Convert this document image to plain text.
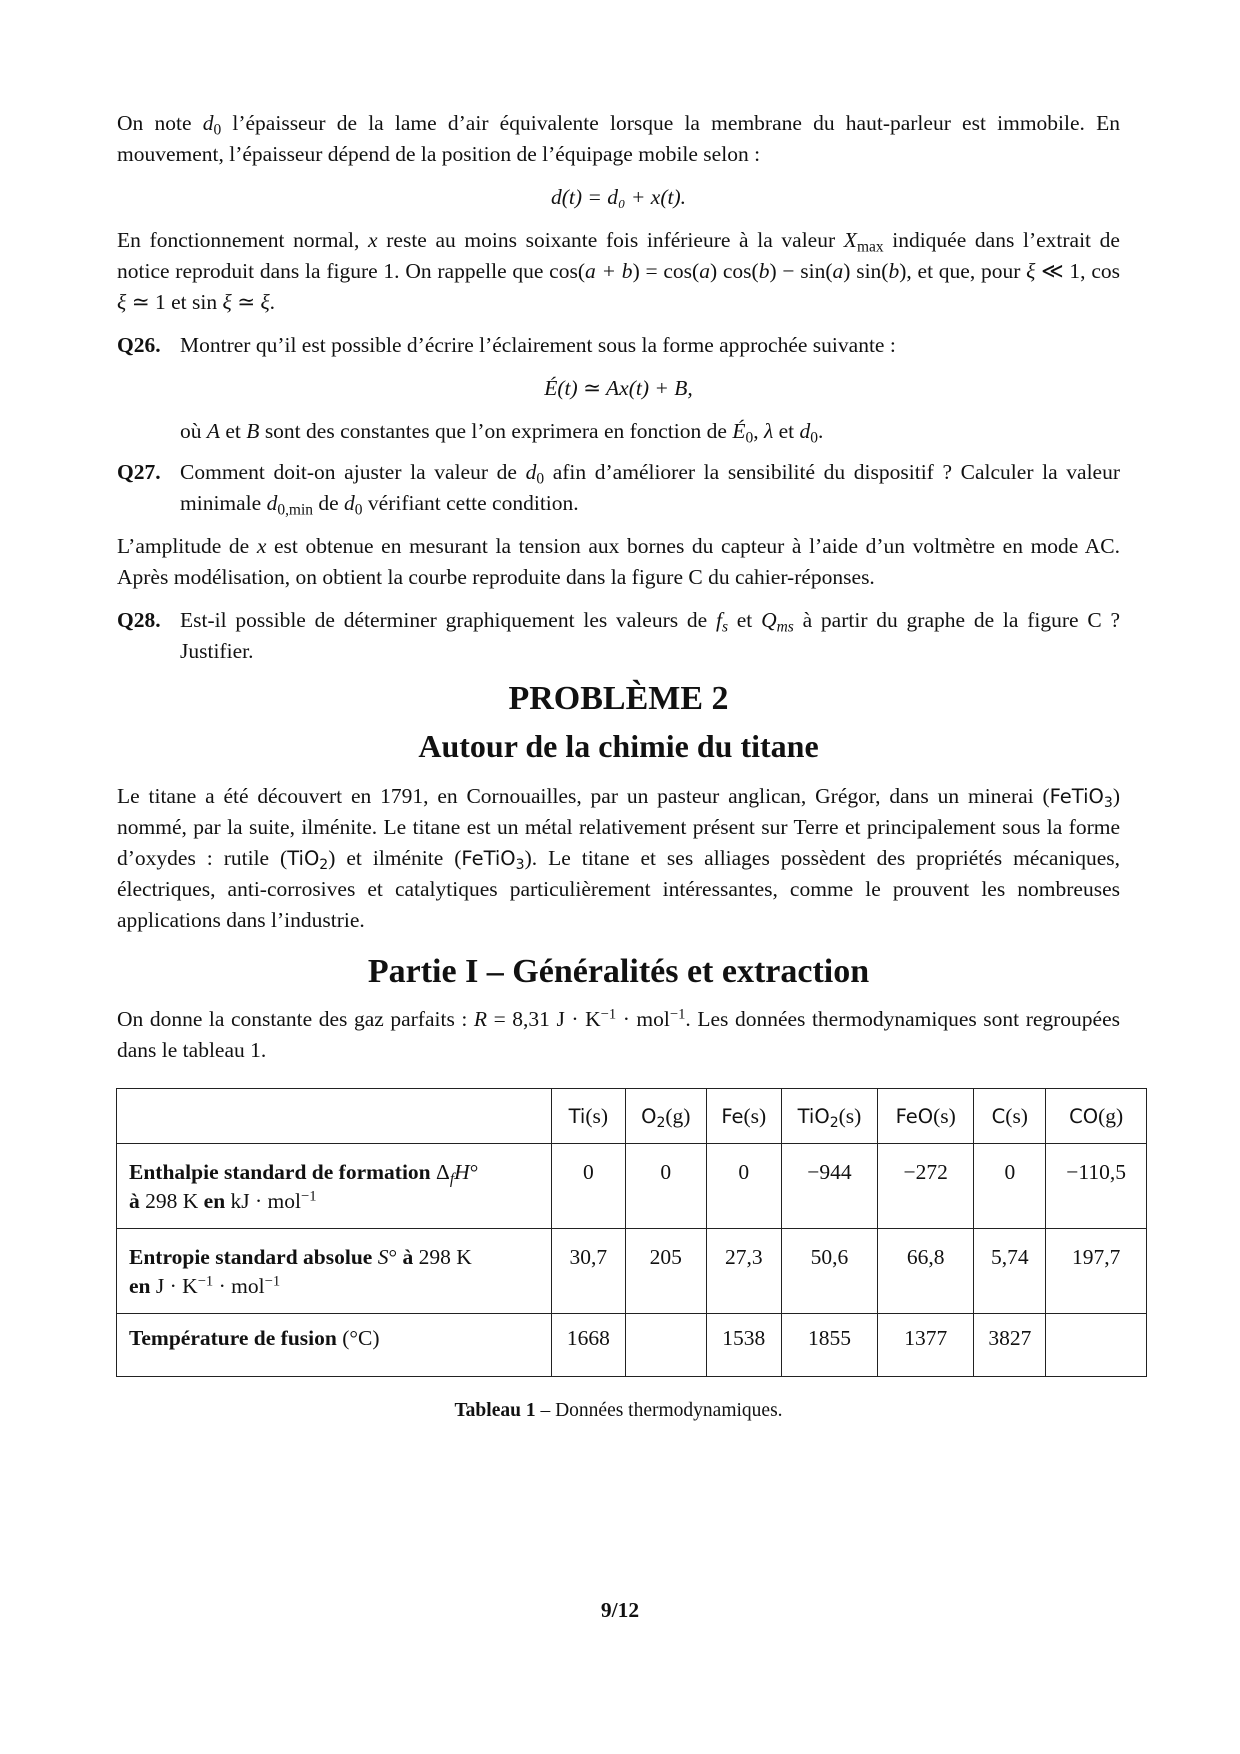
On note $d_0$ l’épaisseur de la lame d’air équivalente lorsque la membrane du haut-parleur est immobile. En mouvement, l’épaisseur dépend de la position de l’équipage mobile selon :

d(t) = d₀ + x(t).

En fonctionnement normal, x reste au moins soixante fois inférieure à la valeur $X_{max}$ indiquée dans l’extrait de notice reproduit dans la figure 1. On rappelle que cos(a + b) = cos(a) cos(b) − sin(a) sin(b), et que, pour ξ ≪ 1, cos ξ ≃ 1 et sin ξ ≃ ξ.

Q26. Montrer qu’il est possible d’écrire l’éclairement sous la forme approchée suivante :

É(t) ≃ Ax(t) + B,

où A et B sont des constantes que l’on exprimera en fonction de $É_0$, λ et $d_0$.

Q27. Comment doit-on ajuster la valeur de $d_0$ afin d’améliorer la sensibilité du dispositif ? Calculer la valeur minimale $d_{0,min}$ de $d_0$ vérifiant cette condition.

L’amplitude de x est obtenue en mesurant la tension aux bornes du capteur à l’aide d’un voltmètre en mode AC. Après modélisation, on obtient la courbe reproduite dans la figure C du cahier-réponses.

Q28. Est-il possible de déterminer graphiquement les valeurs de $f_s$ et $Q_{ms}$ à partir du graphe de la figure C ? Justifier.
PROBLÈME 2
Autour de la chimie du titane

Le titane a été découvert en 1791, en Cornouailles, par un pasteur anglican, Grégor, dans un minerai (FeTiO$_3$) nommé, par la suite, ilménite. Le titane est un métal relativement présent sur Terre et principalement sous la forme d’oxydes : rutile (TiO$_2$) et ilménite (FeTiO$_3$). Le titane et ses alliages possèdent des propriétés mécaniques, électriques, anti-corrosives et catalytiques particulièrement intéressantes, comme le prouvent les nombreuses applications dans l’industrie.

Partie I – Généralités et extraction

On donne la constante des gaz parfaits : R = 8,31 $J \cdot K^{-1} \cdot mol^{-1}$. Les données thermodynamiques sont regroupées dans le tableau 1.

	Ti(s)	$O_2(g)$	Fe(s)	TiO$_2$(s)	FeO(s)	C(s)	CO(g)
Enthalpie standard de formation $\Delta_fH^\circ$
à 298 K en kJ · mol$^{-1}$	0	0	0	−944	−272	0	−110,5
Entropie standard absolue S° à 298 K
en $J \cdot K^{-1} \cdot mol^{-1}$	30,7	205	27,3	50,6	66,8	5,74	197,7
Température de fusion (°C)	1668		1538	1855	1377	3827	

Tableau 1 – Données thermodynamiques.

9/12
